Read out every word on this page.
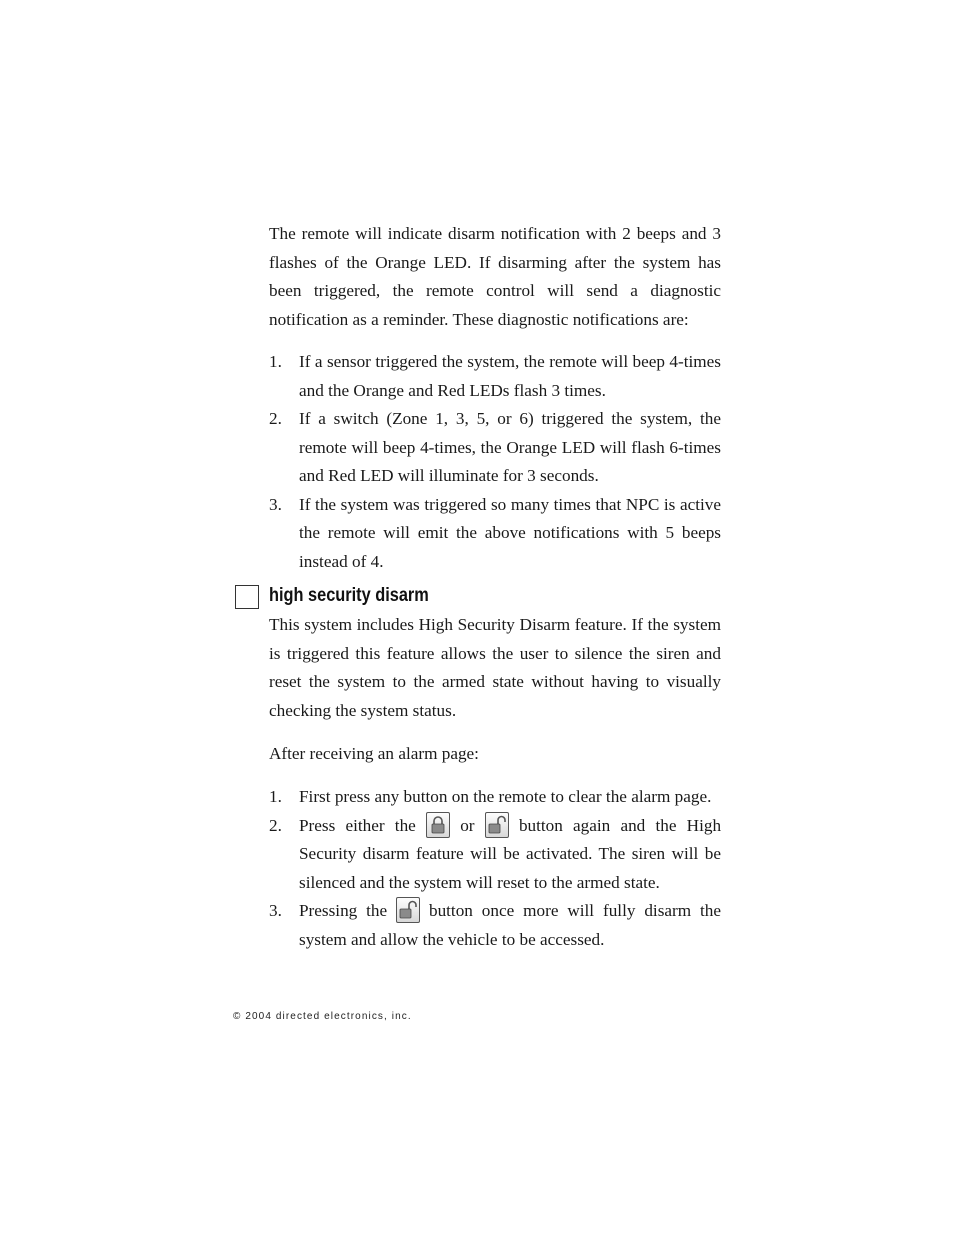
The remote will indicate disarm notification with 2 beeps and 3 flashes of the Orange LED. If disarming after the system has been triggered, the remote control will send a diagnostic notification as a reminder. These diagnostic notifications are:

1. If a sensor triggered the system, the remote will beep 4-times and the Orange and Red LEDs flash 3 times.
2. If a switch (Zone 1, 3, 5, or 6) triggered the system, the remote will beep 4-times, the Orange LED will flash 6-times and Red LED will illuminate for 3 seconds.
3. If the system was triggered so many times that NPC is active the remote will emit the above notifications with 5 beeps instead of 4.
high security disarm

This system includes High Security Disarm feature. If the system is triggered this feature allows the user to silence the siren and reset the system to the armed state without having to visually checking the system status.

After receiving an alarm page:

1. First press any button on the remote to clear the alarm page.
2. Press either the	or	button again and the High Security disarm feature will be activated. The siren will be silenced and the system will reset to the armed state.
3. Pressing the button once more will fully disarm the system and allow the vehicle to be accessed.
© 2004 directed electronics, inc.
